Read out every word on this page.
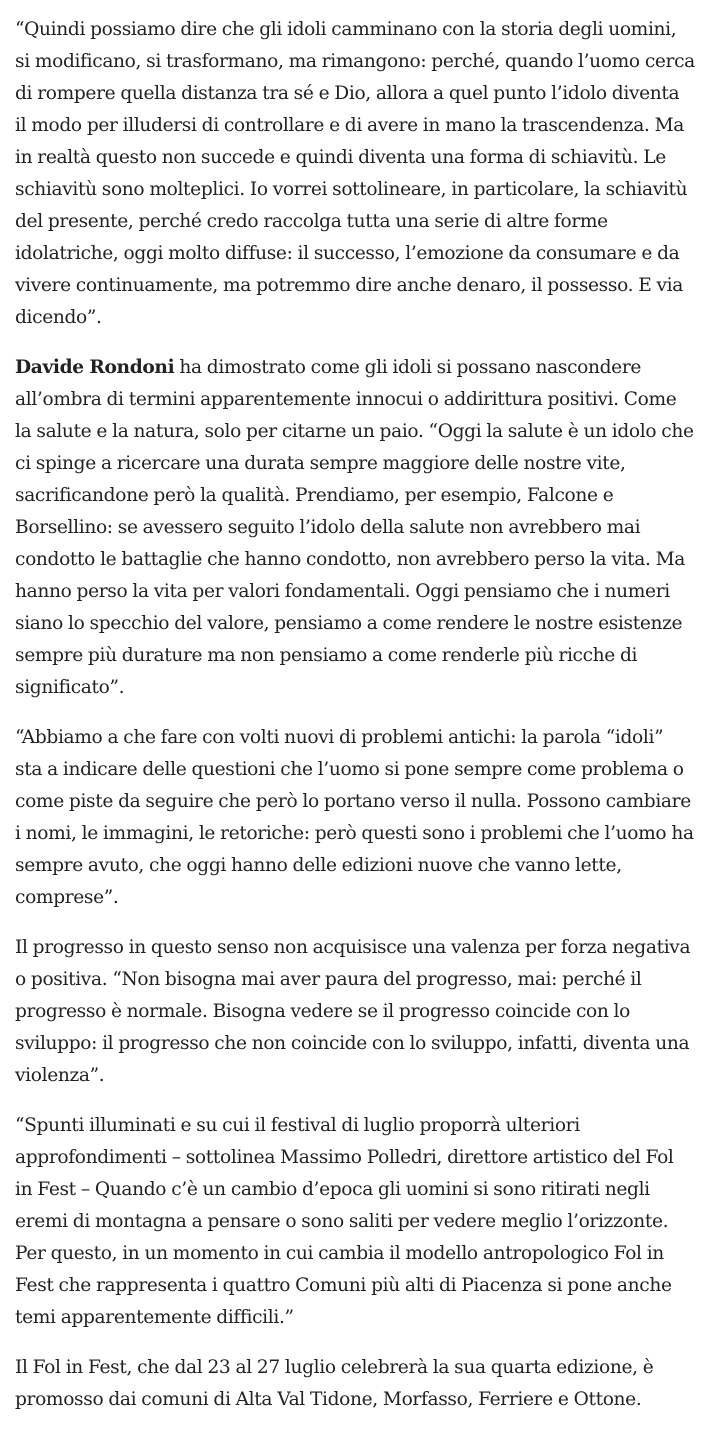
“Quindi possiamo dire che gli idoli camminano con la storia degli uomini, si modificano, si trasformano, ma rimangono: perché, quando l’uomo cerca di rompere quella distanza tra sé e Dio, allora a quel punto l’idolo diventa il modo per illudersi di controllare e di avere in mano la trascendenza. Ma in realtà questo non succede e quindi diventa una forma di schiavitù. Le schiavitù sono molteplici. Io vorrei sottolineare, in particolare, la schiavitù del presente, perché credo raccolga tutta una serie di altre forme idolatriche, oggi molto diffuse: il successo, l’emozione da consumare e da vivere continuamente, ma potremmo dire anche denaro, il possesso. E via dicendo”.

Davide Rondoni ha dimostrato come gli idoli si possano nascondere all’ombra di termini apparentemente innocui o addirittura positivi. Come la salute e la natura, solo per citarne un paio. “Oggi la salute è un idolo che ci spinge a ricercare una durata sempre maggiore delle nostre vite, sacrificandone però la qualità. Prendiamo, per esempio, Falcone e Borsellino: se avessero seguito l’idolo della salute non avrebbero mai condotto le battaglie che hanno condotto, non avrebbero perso la vita. Ma hanno perso la vita per valori fondamentali. Oggi pensiamo che i numeri siano lo specchio del valore, pensiamo a come rendere le nostre esistenze sempre più durature ma non pensiamo a come renderle più ricche di significato”.

“Abbiamo a che fare con volti nuovi di problemi antichi: la parola “idoli” sta a indicare delle questioni che l’uomo si pone sempre come problema o come piste da seguire che però lo portano verso il nulla. Possono cambiare i nomi, le immagini, le retoriche: però questi sono i problemi che l’uomo ha sempre avuto, che oggi hanno delle edizioni nuove che vanno lette, comprese”.

Il progresso in questo senso non acquisisce una valenza per forza negativa o positiva. “Non bisogna mai aver paura del progresso, mai: perché il progresso è normale. Bisogna vedere se il progresso coincide con lo sviluppo: il progresso che non coincide con lo sviluppo, infatti, diventa una violenza”.

“Spunti illuminati e su cui il festival di luglio proporrà ulteriori approfondimenti – sottolinea Massimo Polledri, direttore artistico del Fol in Fest – Quando c’è un cambio d’epoca gli uomini si sono ritirati negli eremi di montagna a pensare o sono saliti per vedere meglio l’orizzonte. Per questo, in un momento in cui cambia il modello antropologico Fol in Fest che rappresenta i quattro Comuni più alti di Piacenza si pone anche temi apparentemente difficili.”

Il Fol in Fest, che dal 23 al 27 luglio celebrerà la sua quarta edizione, è promosso dai comuni di Alta Val Tidone, Morfasso, Ferriere e Ottone.
